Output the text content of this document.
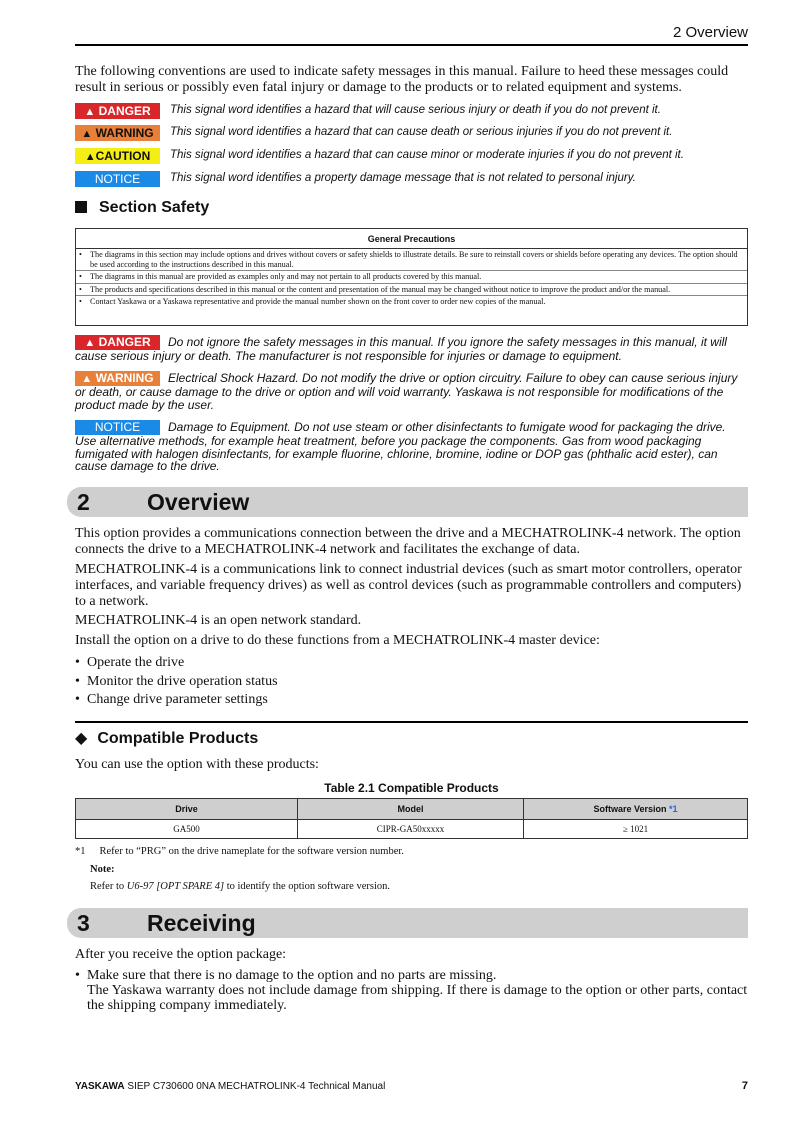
2 Overview
The following conventions are used to indicate safety messages in this manual. Failure to heed these messages could result in serious or possibly even fatal injury or damage to the products or to related equipment and systems.
▲ DANGER	This signal word identifies a hazard that will cause serious injury or death if you do not prevent it.
▲ WARNING	This signal word identifies a hazard that can cause death or serious injuries if you do not prevent it.
▲CAUTION	This signal word identifies a hazard that can cause minor or moderate injuries if you do not prevent it.
NOTICE	This signal word identifies a property damage message that is not related to personal injury.
Section Safety
General Precautions
• The diagrams in this section may include options and drives without covers or safety shields to illustrate details. Be sure to reinstall covers or shields before operating any devices. The option should be used according to the instructions described in this manual.
• The diagrams in this manual are provided as examples only and may not pertain to all products covered by this manual.
• The products and specifications described in this manual or the content and presentation of the manual may be changed without notice to improve the product and/or the manual.
• Contact Yaskawa or a Yaskawa representative and provide the manual number shown on the front cover to order new copies of the manual.
▲ DANGER Do not ignore the safety messages in this manual. If you ignore the safety messages in this manual, it will cause serious injury or death. The manufacturer is not responsible for injuries or damage to equipment.
▲ WARNING Electrical Shock Hazard. Do not modify the drive or option circuitry. Failure to obey can cause serious injury or death, or cause damage to the drive or option and will void warranty. Yaskawa is not responsible for modifications of the product made by the user.
NOTICE Damage to Equipment. Do not use steam or other disinfectants to fumigate wood for packaging the drive. Use alternative methods, for example heat treatment, before you package the components. Gas from wood packaging fumigated with halogen disinfectants, for example fluorine, chlorine, bromine, iodine or DOP gas (phthalic acid ester), can cause damage to the drive.
2 Overview
This option provides a communications connection between the drive and a MECHATROLINK-4 network. The option connects the drive to a MECHATROLINK-4 network and facilitates the exchange of data.
MECHATROLINK-4 is a communications link to connect industrial devices (such as smart motor controllers, operator interfaces, and variable frequency drives) as well as control devices (such as programmable controllers and computers) to a network.
MECHATROLINK-4 is an open network standard.
Install the option on a drive to do these functions from a MECHATROLINK-4 master device:
• Operate the drive
• Monitor the drive operation status
• Change drive parameter settings
◆ Compatible Products
You can use the option with these products:
Table 2.1 Compatible Products
Drive	Model	Software Version *1
GA500	CIPR-GA50xxxxx	≥ 1021
*1 Refer to “PRG” on the drive nameplate for the software version number.
Note:
Refer to U6-97 [OPT SPARE 4] to identify the option software version.
3 Receiving
After you receive the option package:
• Make sure that there is no damage to the option and no parts are missing.
The Yaskawa warranty does not include damage from shipping. If there is damage to the option or other parts, contact the shipping company immediately.
YASKAWA SIEP C730600 0NA MECHATROLINK-4 Technical Manual	7
